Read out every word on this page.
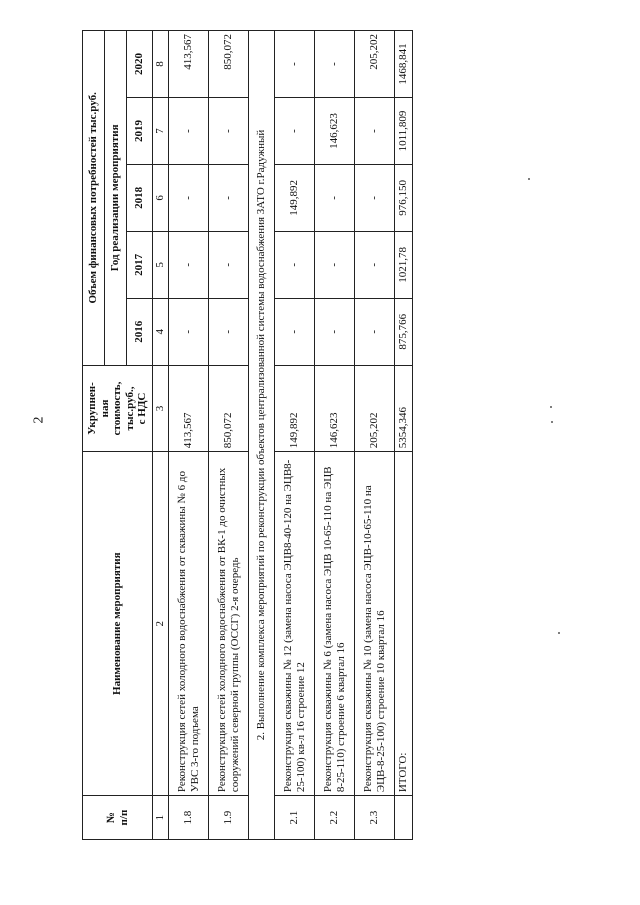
2
№
п/п	Наименование мероприятия	Укрупнен-
ная
стоимость,
тыс.руб.,
с НДС	Объем финансовых потребностей тыс.руб.				
			Год реализации мероприятия				
			2016	2017	2018	2019	2020
1	2	3	4	5	6	7	8
1.8	Реконструкция сетей холодного водоснабжения от скважины № 6 до УВС 3-го подъема	413,567	-	-	-	-	413,567
1.9	Реконструкция сетей холодного водоснабжения от ВК-1 до очистных сооружений северной группы (ОССГ) 2-я очередь	850,072	-	-	-	-	850,072
2. Выполнение комплекса мероприятий по реконструкции объектов централизованной системы водоснабжения ЗАТО г.Радужный							
2.1	Реконструкция скважины № 12 (замена насоса ЭЦВ8-40-120 на ЭЦВ8-25-100) кв-л 16 строение 12	149,892	-	-	149,892	-	-
2.2	Реконструкция скважины № 6 (замена насоса ЭЦВ 10-65-110 на ЭЦВ 8-25-110) строение 6 квартал 16	146,623	-	-	-	146,623	-
2.3	Реконструкция скважины № 10 (замена насоса ЭЦВ-10-65-110 на ЭЦВ-8-25-100) строение 10 квартал 16	205,202	-	-	-	-	205,202
	ИТОГО:	5354,346	875,766	1021,78	976,150	1011,809	1468,841
